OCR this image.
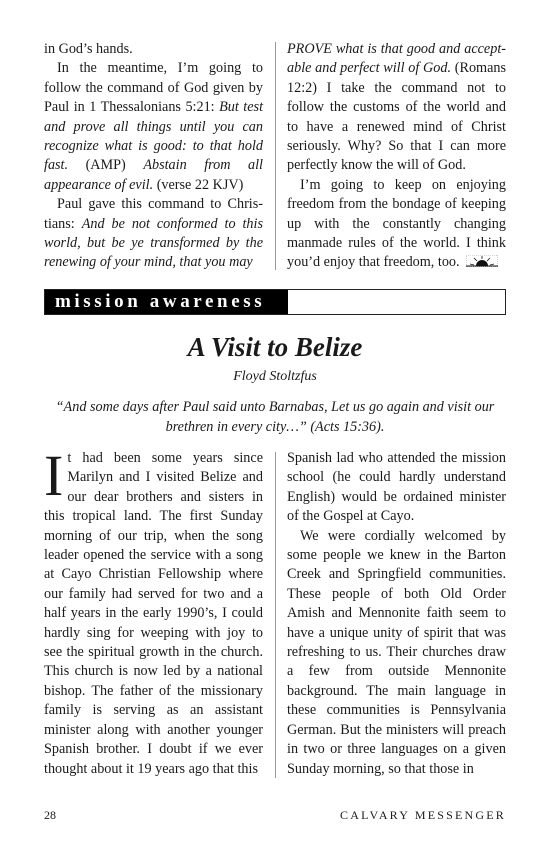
in God’s hands.

In the meantime, I’m going to follow the command of God given by Paul in 1 Thessalonians 5:21: But test and prove all things until you can recognize what is good: to that hold fast. (AMP) Abstain from all appearance of evil. (verse 22 KJV)

Paul gave this command to Christians: And be not conformed to this world, but be ye transformed by the renewing of your mind, that you may

PROVE what is that good and acceptable and perfect will of God. (Romans 12:2) I take the command not to follow the customs of the world and to have a renewed mind of Christ seriously. Why? So that I can more perfectly know the will of God.

I’m going to keep on enjoying freedom from the bondage of keeping up with the constantly changing manmade rules of the world. I think you’d enjoy that freedom, too.

mission awareness
A Visit to Belize
Floyd Stoltzfus
“And some days after Paul said unto Barnabas, Let us go again and visit our brethren in every city…” (Acts 15:36).

It had been some years since Marilyn and I visited Belize and our dear brothers and sisters in this tropical land. The first Sunday morning of our trip, when the song leader opened the service with a song at Cayo Christian Fellowship where our family had served for two and a half years in the early 1990’s, I could hardly sing for weeping with joy to see the spiritual growth in the church. This church is now led by a national bishop. The father of the missionary family is serving as an assistant minister along with another younger Spanish brother. I doubt if we ever thought about it 19 years ago that this

Spanish lad who attended the mission school (he could hardly understand English) would be ordained minister of the Gospel at Cayo.

We were cordially welcomed by some people we knew in the Barton Creek and Springfield communities. These people of both Old Order Amish and Mennonite faith seem to have a unique unity of spirit that was refreshing to us. Their churches draw a few from outside Mennonite background. The main language in these communities is Pennsylvania German. But the ministers will preach in two or three languages on a given Sunday morning, so that those in

28	CALVARY MESSENGER
